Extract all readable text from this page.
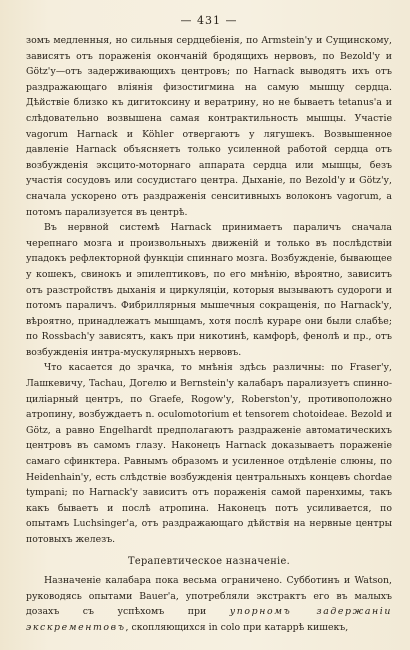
— 431 —

зомъ медленныя, но сильныя сердцебіенія, по Armstein'у и Сущинскому, зависятъ отъ пораженія окончаній бродящихъ нервовъ, по Bezold'у и Götz'у—отъ задерживающихъ центровъ; по Harnack выводятъ ихъ отъ раздражающаго вліянія физостигмина на самую мышцу сердца. Дѣйствіе близко къ дигитоксину и вератрину, но не бываетъ tetanus'а и слѣдовательно возвышена самая контрактильность мышцы. Участіе vagorum Harnack и Köhler отвергаютъ у лягушекъ. Возвышенное давленіе Harnack объясняетъ только усиленной работой сердца отъ возбужденія эксцито-моторнаго аппарата сердца или мышцы, безъ участія сосудовъ или сосудистаго центра. Дыханіе, по Bezold'у и Götz'у, сначала ускорено отъ раздраженія сенситивныхъ волоконъ vagorum, а потомъ парализуется въ центрѣ.

Въ нервной системѣ Harnack принимаетъ параличъ сначала черепнаго мозга и произвольныхъ движеній и только въ послѣдствіи упадокъ рефлекторной функціи спиннаго мозга. Возбужденіе, бывающее у кошекъ, свинокъ и эпилептиковъ, по его мнѣнію, вѣроятно, зависитъ отъ разстройствъ дыханія и циркуляціи, которыя вызываютъ судороги и потомъ параличъ. Фибриллярныя мышечныя сокращенія, по Harnack'у, вѣроятно, принадлежатъ мышцамъ, хотя послѣ кураре они были слабѣе; по Rossbach'у зависятъ, какъ при никотинѣ, камфорѣ, фенолѣ и пр., отъ возбужденія интра-мускулярныхъ нервовъ.

Что касается до зрачка, то мнѣнія здѣсь различны: по Fraser'у, Лашкевичу, Tachau, Догелю и Bernstein'у калабаръ парализуетъ спинно-циліарный центръ, по Graefe, Rogow'у, Roberston'у, противоположно атропину, возбуждаетъ n. oculomotorium et tensorem chotoideae. Bezold и Götz, а равно Engelhardt предполагаютъ раздраженіе автоматическихъ центровъ въ самомъ глазу. Наконецъ Harnack доказываетъ пораженіе самаго сфинктера. Равнымъ образомъ и усиленное отдѣленіе слюны, по Heidenhain'у, есть слѣдствіе возбужденія центральныхъ концевъ chordae tympani; по Harnack'у зависитъ отъ пораженія самой паренхимы, такъ какъ бываетъ и послѣ атропина. Наконецъ потъ усиливается, по опытамъ Luchsinger'а, отъ раздражающаго дѣйствія на нервные центры потовыхъ железъ.

Терапевтическое назначеніе.

Назначеніе калабара пока весьма ограничено. Субботинъ и Watson, руководясь опытами Bauer'а, употребляли экстрактъ его въ малыхъ дозахъ съ успѣхомъ при упорномъ задержаніи экскрементовъ, скопляющихся in colo при катаррѣ кишекъ,
